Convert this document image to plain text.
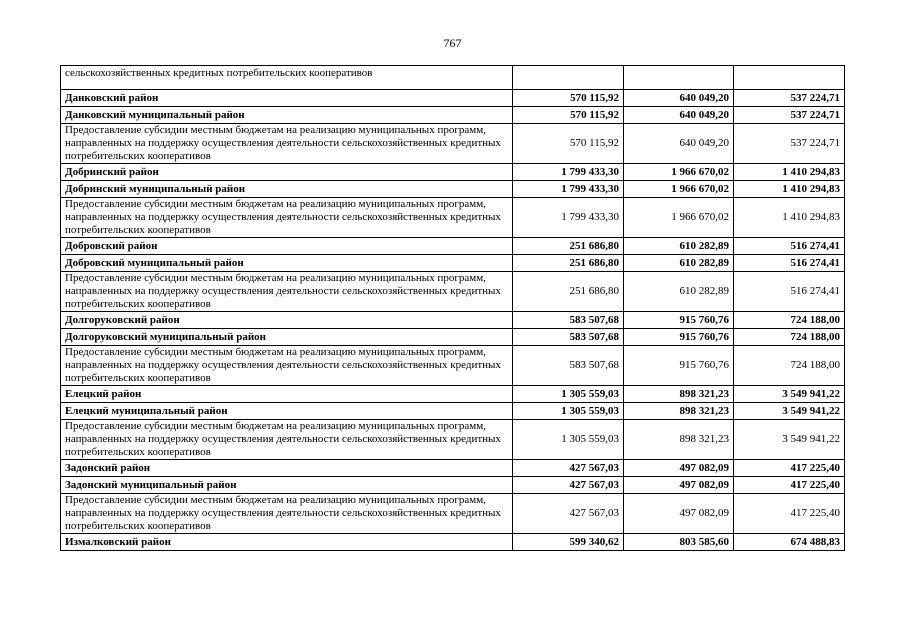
767
сельскохозяйственных кредитных потребительских кооперативов			
Данковский район	570 115,92	640 049,20	537 224,71
Данковский муниципальный район	570 115,92	640 049,20	537 224,71
Предоставление субсидии местным бюджетам на реализацию муниципальных программ, направленных на поддержку осуществления деятельности сельскохозяйственных кредитных потребительских кооперативов	570 115,92	640 049,20	537 224,71
Добринский район	1 799 433,30	1 966 670,02	1 410 294,83
Добринский муниципальный район	1 799 433,30	1 966 670,02	1 410 294,83
Предоставление субсидии местным бюджетам на реализацию муниципальных программ, направленных на поддержку осуществления деятельности сельскохозяйственных кредитных потребительских кооперативов	1 799 433,30	1 966 670,02	1 410 294,83
Добровский район	251 686,80	610 282,89	516 274,41
Добровский муниципальный район	251 686,80	610 282,89	516 274,41
Предоставление субсидии местным бюджетам на реализацию муниципальных программ, направленных на поддержку осуществления деятельности сельскохозяйственных кредитных потребительских кооперативов	251 686,80	610 282,89	516 274,41
Долгоруковский район	583 507,68	915 760,76	724 188,00
Долгоруковский муниципальный район	583 507,68	915 760,76	724 188,00
Предоставление субсидии местным бюджетам на реализацию муниципальных программ, направленных на поддержку осуществления деятельности сельскохозяйственных кредитных потребительских кооперативов	583 507,68	915 760,76	724 188,00
Елецкий район	1 305 559,03	898 321,23	3 549 941,22
Елецкий муниципальный район	1 305 559,03	898 321,23	3 549 941,22
Предоставление субсидии местным бюджетам на реализацию муниципальных программ, направленных на поддержку осуществления деятельности сельскохозяйственных кредитных потребительских кооперативов	1 305 559,03	898 321,23	3 549 941,22
Задонский район	427 567,03	497 082,09	417 225,40
Задонский муниципальный район	427 567,03	497 082,09	417 225,40
Предоставление субсидии местным бюджетам на реализацию муниципальных программ, направленных на поддержку осуществления деятельности сельскохозяйственных кредитных потребительских кооперативов	427 567,03	497 082,09	417 225,40
Измалковский район	599 340,62	803 585,60	674 488,83
